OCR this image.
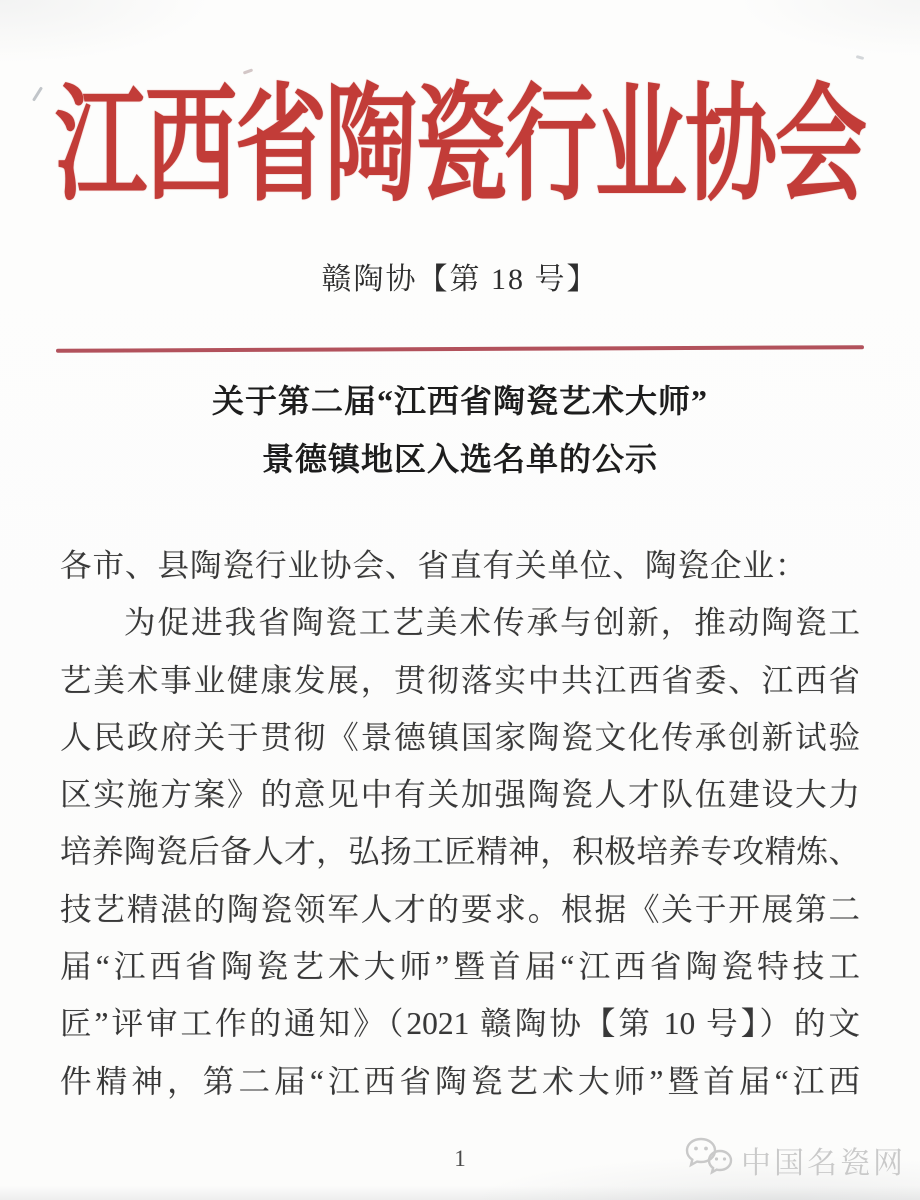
江西省陶瓷行业协会
赣陶协【第 18 号】
关于第二届“江西省陶瓷艺术大师”
景德镇地区入选名单的公示
各市、县陶瓷行业协会、省直有关单位、陶瓷企业：
为促进我省陶瓷工艺美术传承与创新，推动陶瓷工
艺美术事业健康发展，贯彻落实中共江西省委、江西省
人民政府关于贯彻《景德镇国家陶瓷文化传承创新试验
区实施方案》的意见中有关加强陶瓷人才队伍建设大力
培养陶瓷后备人才，弘扬工匠精神，积极培养专攻精炼、
技艺精湛的陶瓷领军人才的要求。根据《关于开展第二
届“江西省陶瓷艺术大师”暨首届“江西省陶瓷特技工
匠”评审工作的通知》（2021 赣陶协【第 10 号】）的文
件精神，第二届“江西省陶瓷艺术大师”暨首届“江西
1	中国名瓷网
